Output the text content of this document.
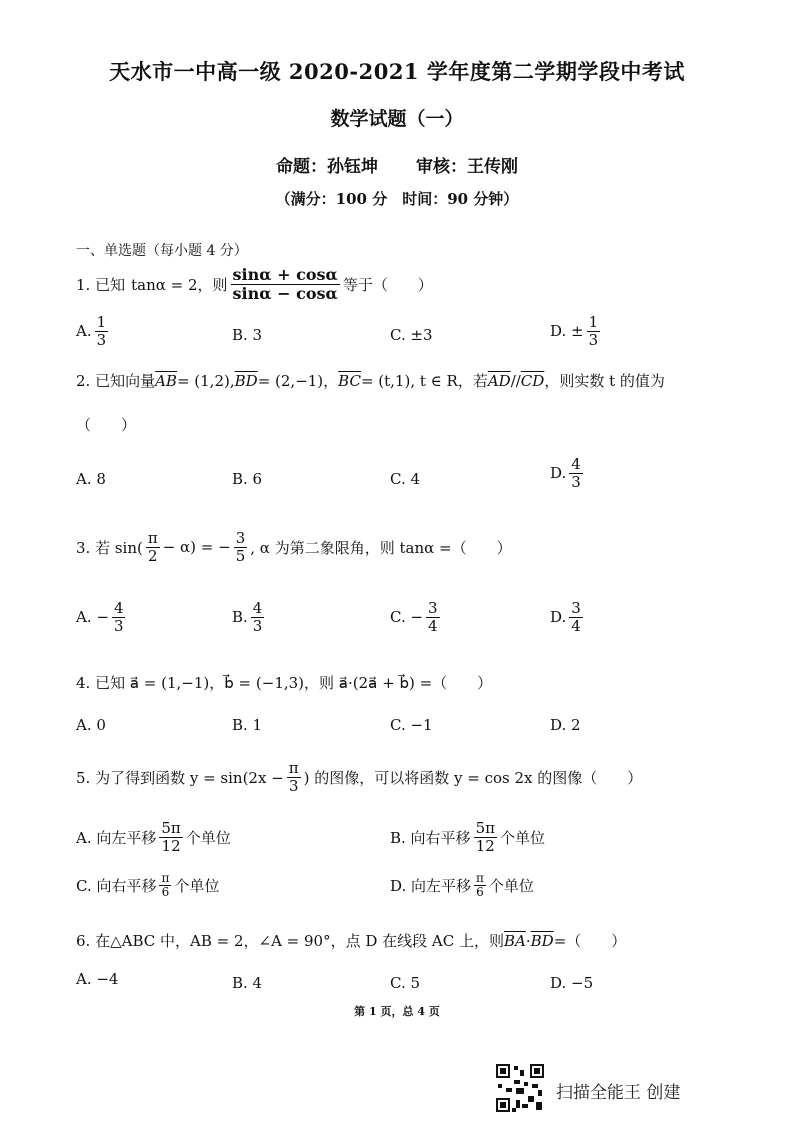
天水市一中高一级 2020-2021 学年度第二学期学段中考试
数学试题（一）
命题：孙钰坤 审核：王传刚
（满分：100 分　时间：90 分钟）
一、单选题（每小题 4 分）
1. 已知 tanα = 2，则 $\frac{\sin\alpha + \cos\alpha}{\sin\alpha - \cos\alpha}$ 等于（　　）
A. $\frac{1}{3}$	B. 3	C. ±3	D. ± $\frac{1}{3}$
2. 已知向量 $\overline{AB} = (1,2)$, $\overline{BD} = (2,-1)$， $\overline{BC} = (t,1)$, t ∈ R，若 $\overline{AD} // \overline{CD}$ ，则实数 t 的值为
（　　）
A. 8	B. 6	C. 4	D. $\frac{4}{3}$
3. 若 $\sin( \frac{\pi}{2} - \alpha)$ = − $\frac{3}{5}$ , α 为第二象限角，则 tanα =（　　）
A. − $\frac{4}{3}$	B. $\frac{4}{3}$	C. − $\frac{3}{4}$	D. $\frac{3}{4}$
4. 已知 a⃗ = (1,−1)，b⃗ = (−1,3)，则 a⃗·(2a⃗ + b⃗) =（　　）
A. 0	B. 1	C. −1	D. 2
5. 为了得到函数 $y = \sin(2x - \frac{\pi}{3}$ ) 的图像，可以将函数 y = cos 2x 的图像（　　）
A. 向左平移 $\frac{5\pi}{12}$ 个单位	B. 向右平移 $\frac{5\pi}{12}$ 个单位
C. 向右平移 $\frac{\pi}{6}$ 个单位	D. 向左平移 $\frac{\pi}{6}$ 个单位
6. 在△ABC 中，AB = 2，∠A = 90°，点 D 在线段 AC 上，则 $\overline{BA} \cdot \overline{BD}$ =（　　）
A. −4	B. 4	C. 5	D. −5
第 1 页，总 4 页
扫描全能王 创建
